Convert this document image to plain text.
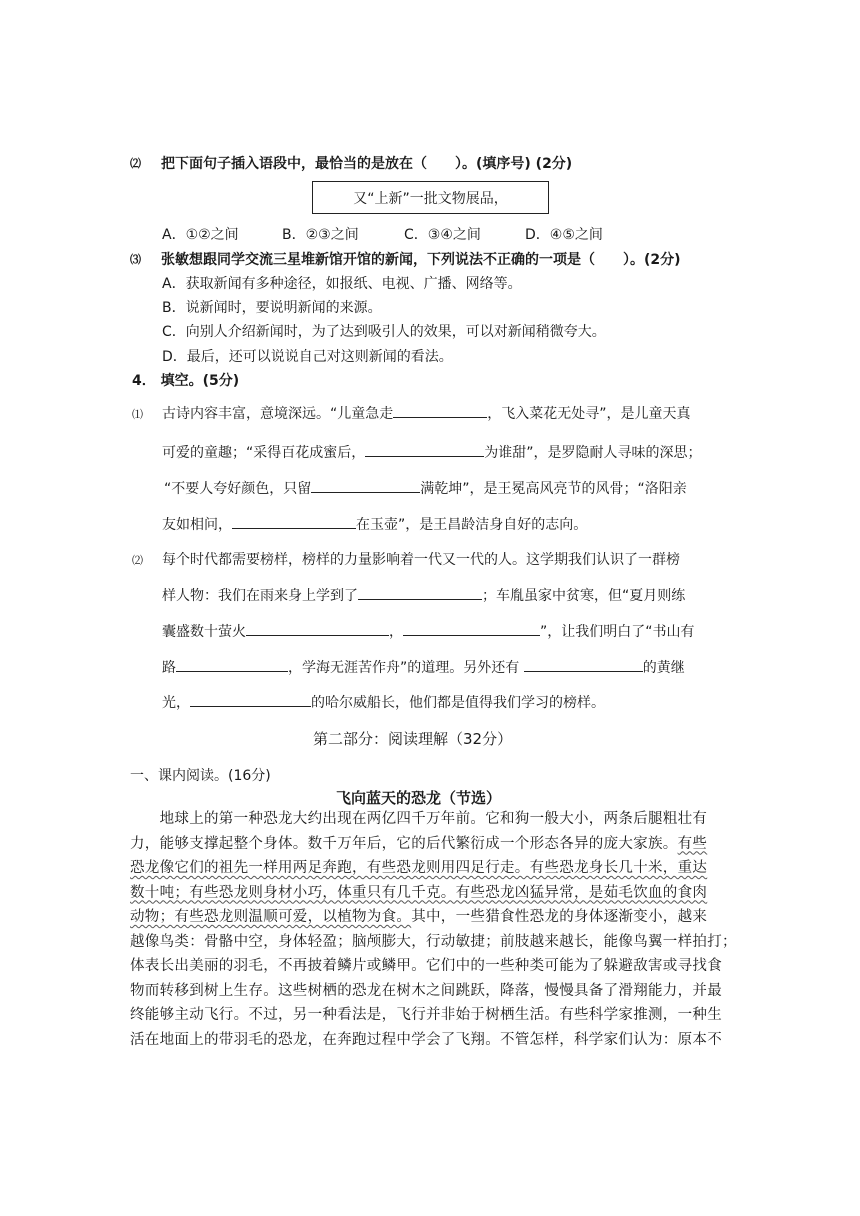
⑵ 把下面句子插入语段中，最恰当的是放在（　　）。(填序号) (2分)
又“上新”一批文物展品，
A．①②之间	B．②③之间	C．③④之间	D．④⑤之间
⑶ 张敏想跟同学交流三星堆新馆开馆的新闻，下列说法不正确的一项是（　　）。(2分)
A．获取新闻有多种途径，如报纸、电视、广播、网络等。
B．说新闻时，要说明新闻的来源。
C．向别人介绍新闻时，为了达到吸引人的效果，可以对新闻稍微夸大。
D．最后，还可以说说自己对这则新闻的看法。
4． 填空。(5分)
⑴ 古诗内容丰富，意境深远。“儿童急走	，飞入菜花无处寻”，是儿童天真
可爱的童趣；“采得百花成蜜后，	为谁甜”，是罗隐耐人寻味的深思；
“不要人夸好颜色，只留	满乾坤”，是王冕高风亮节的风骨；“洛阳亲
友如相问，	在玉壶”，是王昌龄洁身自好的志向。
⑵ 每个时代都需要榜样，榜样的力量影响着一代又一代的人。这学期我们认识了一群榜
样人物：我们在雨来身上学到了	；车胤虽家中贫寒，但“夏月则练
囊盛数十萤火	，	”，让我们明白了“书山有
路	，学海无涯苦作舟”的道理。另外还有	的黄继
光，	的哈尔威船长，他们都是值得我们学习的榜样。
第二部分：阅读理解（32分）
一、课内阅读。(16分)
飞向蓝天的恐龙（节选）
　　地球上的第一种恐龙大约出现在两亿四千万年前。它和狗一般大小，两条后腿粗壮有
力，能够支撑起整个身体。数千万年后，它的后代繁衍成一个形态各异的庞大家族。有些
恐龙像它们的祖先一样用两足奔跑，有些恐龙则用四足行走。有些恐龙身长几十米，重达
数十吨；有些恐龙则身材小巧，体重只有几千克。有些恐龙凶猛异常，是茹毛饮血的食肉
动物；有些恐龙则温顺可爱，以植物为食。其中，一些猎食性恐龙的身体逐渐变小，越来
越像鸟类：骨骼中空，身体轻盈；脑颅膨大，行动敏捷；前肢越来越长，能像鸟翼一样拍打；
体表长出美丽的羽毛，不再披着鳞片或鳞甲。它们中的一些种类可能为了躲避敌害或寻找食
物而转移到树上生存。这些树栖的恐龙在树木之间跳跃，降落，慢慢具备了滑翔能力，并最
终能够主动飞行。不过，另一种看法是，飞行并非始于树栖生活。有些科学家推测，一种生
活在地面上的带羽毛的恐龙，在奔跑过程中学会了飞翔。不管怎样，科学家们认为：原本不
